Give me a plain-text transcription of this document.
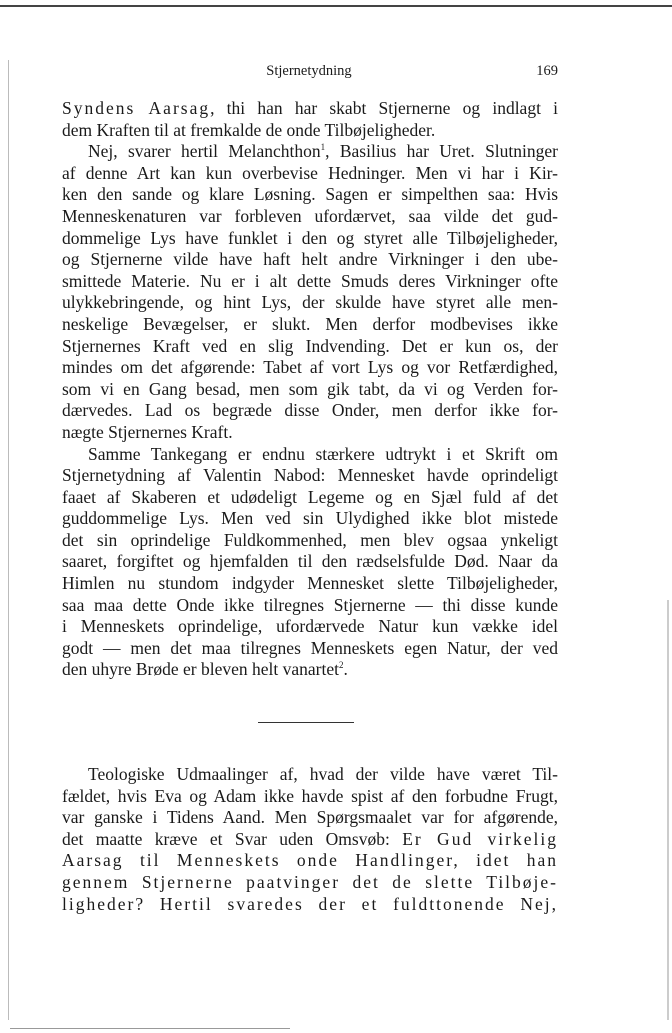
Stjernetydning	169
Syndens Aarsag, thi han har skabt Stjernerne og indlagt i
dem Kraften til at fremkalde de onde Tilbøjeligheder.
Nej, svarer hertil Melanchthon$^1$, Basilius har Uret. Slutninger
af denne Art kan kun overbevise Hedninger. Men vi har i Kir-
ken den sande og klare Løsning. Sagen er simpelthen saa: Hvis
Menneskenaturen var forbleven ufordærvet, saa vilde det gud-
dommelige Lys have funklet i den og styret alle Tilbøjeligheder,
og Stjernerne vilde have haft helt andre Virkninger i den ube-
smittede Materie. Nu er i alt dette Smuds deres Virkninger ofte
ulykkebringende, og hint Lys, der skulde have styret alle men-
neskelige Bevægelser, er slukt. Men derfor modbevises ikke
Stjernernes Kraft ved en slig Indvending. Det er kun os, der
mindes om det afgørende: Tabet af vort Lys og vor Retfærdighed,
som vi en Gang besad, men som gik tabt, da vi og Verden for-
dærvedes. Lad os begræde disse Onder, men derfor ikke for-
nægte Stjernernes Kraft.
Samme Tankegang er endnu stærkere udtrykt i et Skrift om
Stjernetydning af Valentin Nabod: Mennesket havde oprindeligt
faaet af Skaberen et udødeligt Legeme og en Sjæl fuld af det
guddommelige Lys. Men ved sin Ulydighed ikke blot mistede
det sin oprindelige Fuldkommenhed, men blev ogsaa ynkeligt
saaret, forgiftet og hjemfalden til den rædselsfulde Død. Naar da
Himlen nu stundom indgyder Mennesket slette Tilbøjeligheder,
saa maa dette Onde ikke tilregnes Stjernerne — thi disse kunde
i Menneskets oprindelige, ufordærvede Natur kun vække idel
godt — men det maa tilregnes Menneskets egen Natur, der ved
den uhyre Brøde er bleven helt vanartet$^2$.
Teologiske Udmaalinger af, hvad der vilde have været Til-
fældet, hvis Eva og Adam ikke havde spist af den forbudne Frugt,
var ganske i Tidens Aand. Men Spørgsmaalet var for afgørende,
det maatte kræve et Svar uden Omsvøb: Er Gud virkelig
Aarsag til Menneskets onde Handlinger, idet han
gennem Stjernerne paatvinger det de slette Tilbøje-
ligheder? Hertil svaredes der et fuldttonende Nej,
